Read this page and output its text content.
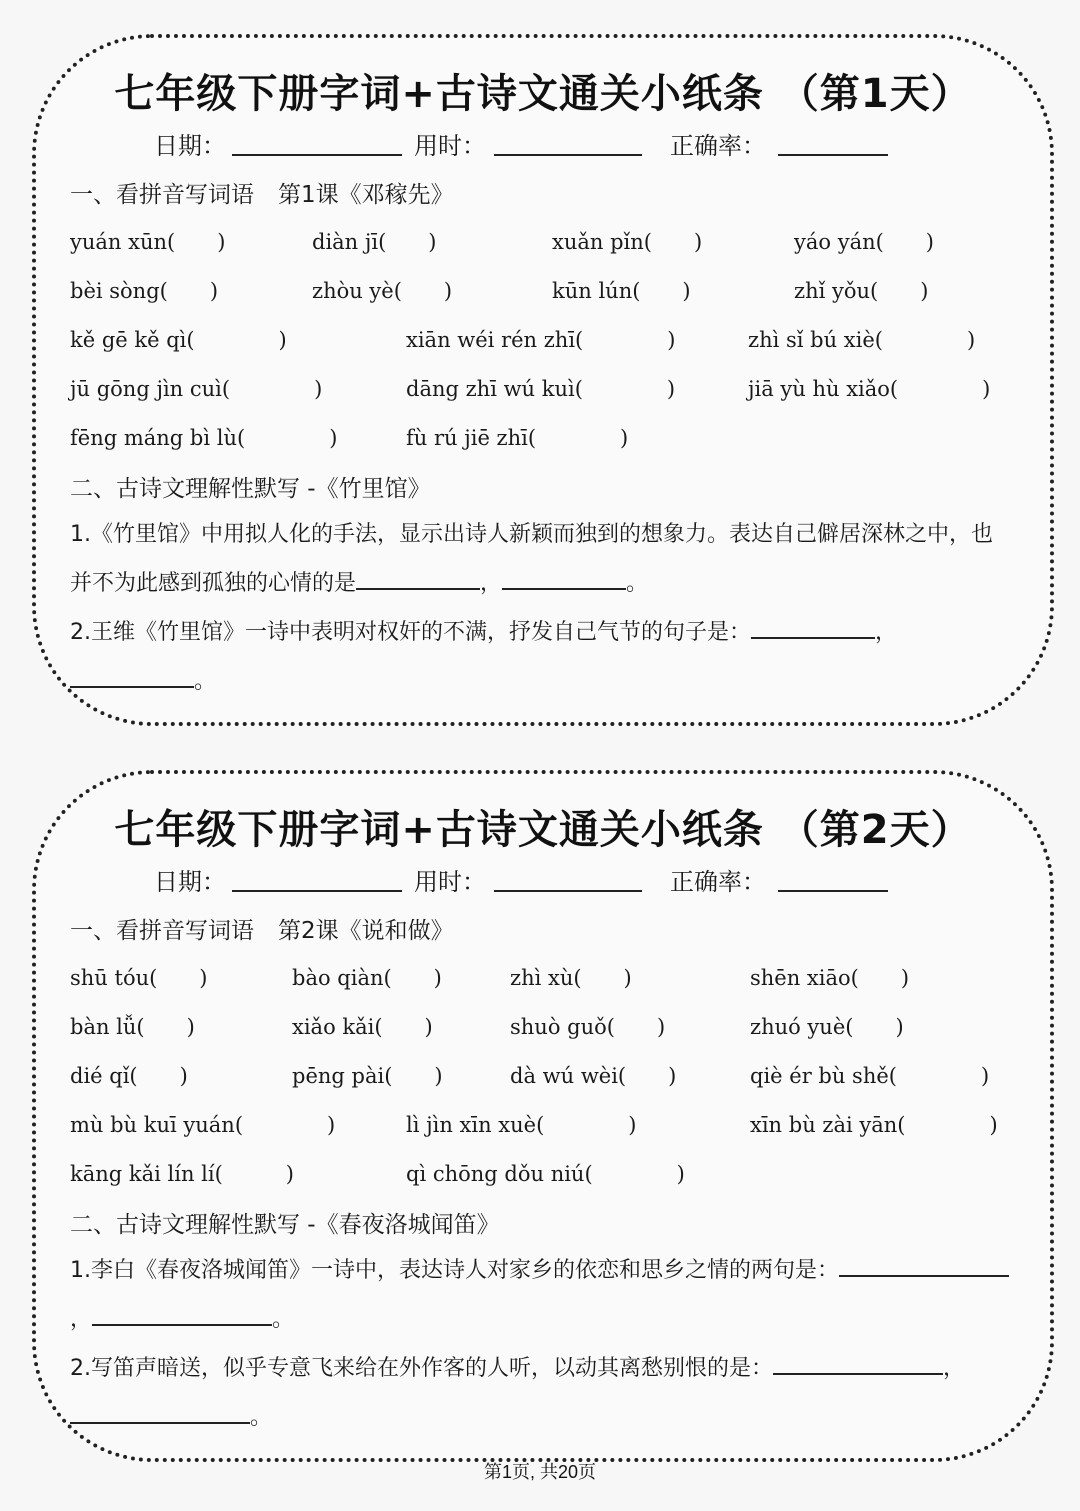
七年级下册字词+古诗文通关小纸条 （第1天）
日期：	用时：	正确率：
一、看拼音写词语 第1课《邓稼先》
yuán xūn(　　)	diàn jī(　　)	xuǎn pǐn(　　)	yáo yán(　　)
bèi sòng(　　)	zhòu yè(　　)	kūn lún(　　)	zhǐ yǒu(　　)
kě gē kě qì(　　　　)	xiān wéi rén zhī(　　　　)	zhì sǐ bú xiè(　　　　)
jū gōng jìn cuì(　　　　)	dāng zhī wú kuì(　　　　)	jiā yù hù xiǎo(　　　　)
fēng máng bì lù(　　　　)	fù rú jiē zhī(　　　　)
二、古诗文理解性默写 -《竹里馆》
1.《竹里馆》中用拟人化的手法，显示出诗人新颖而独到的想象力。表达自己僻居深林之中，也并不为此感到孤独的心情的是	，	。
2.王维《竹里馆》一诗中表明对权奸的不满，抒发自己气节的句子是：	，。
七年级下册字词+古诗文通关小纸条 （第2天）
日期：	用时：	正确率：
一、看拼音写词语 第2课《说和做》
shū tóu(　　)	bào qiàn(　　)	zhì xù(　　)	shēn xiāo(　　)
bàn lǚ(　　)	xiǎo kǎi(　　)	shuò guǒ(　　)	zhuó yuè(　　)
dié qǐ(　　)	pēng pài(　　)	dà wú wèi(　　)	qiè ér bù shě(　　　　)
mù bù kuī yuán(　　　　)	lì jìn xīn xuè(　　　　)	xīn bù zài yān(　　　　)
kāng kǎi lín lí(　　　)	qì chōng dǒu niú(　　　　)
二、古诗文理解性默写 -《春夜洛城闻笛》
1.李白《春夜洛城闻笛》一诗中，表达诗人对家乡的依恋和思乡之情的两句是：，	。
2.写笛声暗送，似乎专意飞来给在外作客的人听，以动其离愁别恨的是：	，。
第1页, 共20页
